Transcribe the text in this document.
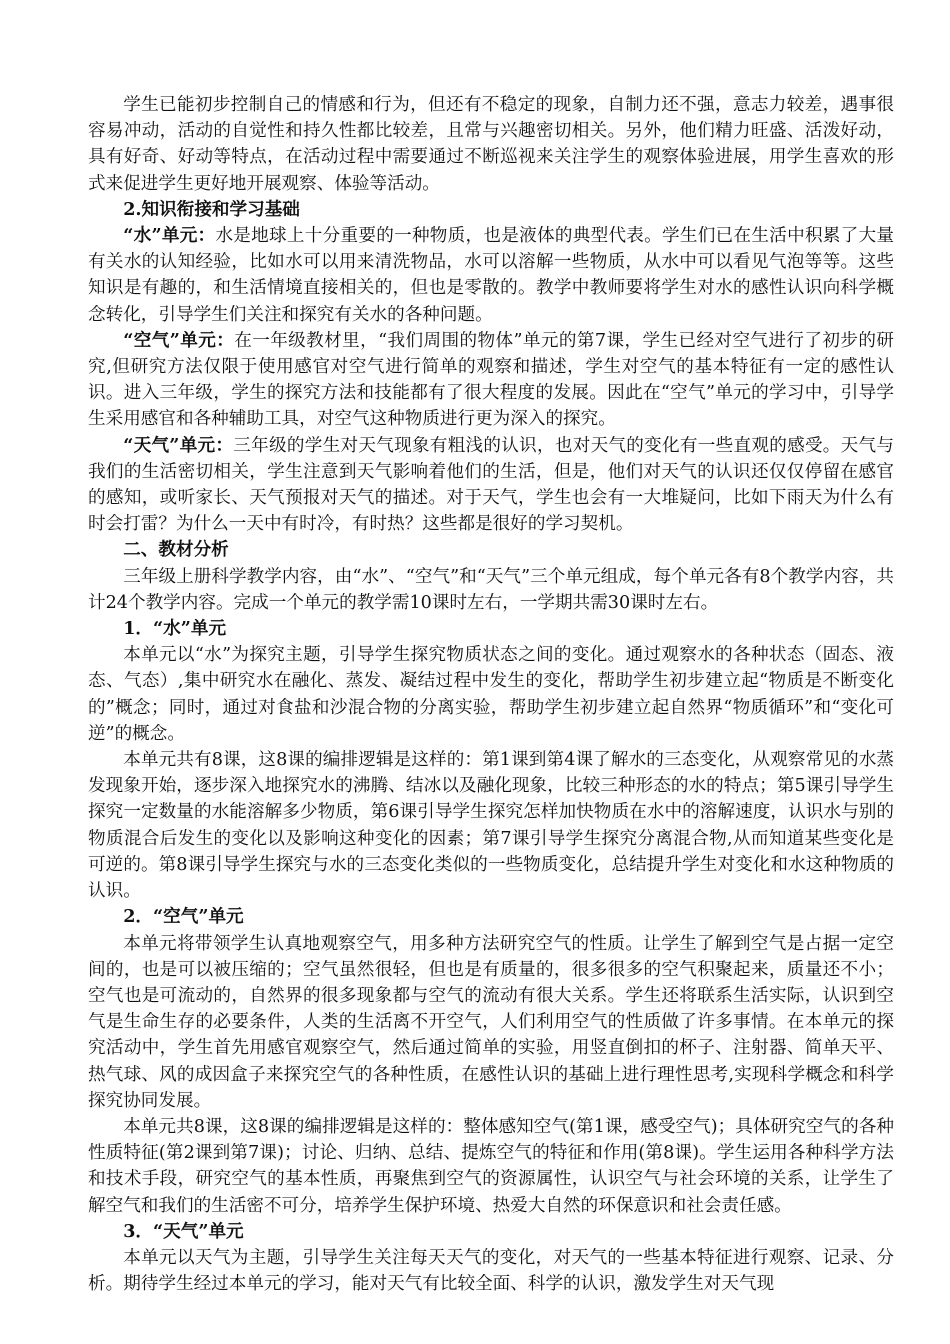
学生已能初步控制自己的情感和行为，但还有不稳定的现象，自制力还不强，意志力较差，遇事很容易冲动，活动的自觉性和持久性都比较差，且常与兴趣密切相关。另外，他们精力旺盛、活泼好动，具有好奇、好动等特点，在活动过程中需要通过不断巡视来关注学生的观察体验进展，用学生喜欢的形式来促进学生更好地开展观察、体验等活动。

2.知识衔接和学习基础

“水”单元：水是地球上十分重要的一种物质，也是液体的典型代表。学生们已在生活中积累了大量有关水的认知经验，比如水可以用来清洗物品，水可以溶解一些物质，从水中可以看见气泡等等。这些知识是有趣的，和生活情境直接相关的，但也是零散的。教学中教师要将学生对水的感性认识向科学概念转化，引导学生们关注和探究有关水的各种问题。

“空气”单元：在一年级教材里，“我们周围的物体”单元的第7课，学生已经对空气进行了初步的研究,但研究方法仅限于使用感官对空气进行简单的观察和描述，学生对空气的基本特征有一定的感性认识。进入三年级，学生的探究方法和技能都有了很大程度的发展。因此在“空气”单元的学习中，引导学生采用感官和各种辅助工具，对空气这种物质进行更为深入的探究。

“天气”单元：三年级的学生对天气现象有粗浅的认识，也对天气的变化有一些直观的感受。天气与我们的生活密切相关，学生注意到天气影响着他们的生活，但是，他们对天气的认识还仅仅停留在感官的感知，或听家长、天气预报对天气的描述。对于天气，学生也会有一大堆疑问，比如下雨天为什么有时会打雷？为什么一天中有时冷，有时热？这些都是很好的学习契机。

二、教材分析

三年级上册科学教学内容，由“水”、“空气”和“天气”三个单元组成，每个单元各有8个教学内容，共计24个教学内容。完成一个单元的教学需10课时左右，一学期共需30课时左右。

1．“水”单元

本单元以“水”为探究主题，引导学生探究物质状态之间的变化。通过观察水的各种状态（固态、液态、气态）,集中研究水在融化、蒸发、凝结过程中发生的变化，帮助学生初步建立起“物质是不断变化的”概念；同时，通过对食盐和沙混合物的分离实验，帮助学生初步建立起自然界“物质循环”和“变化可逆”的概念。

本单元共有8课，这8课的编排逻辑是这样的：第1课到第4课了解水的三态变化，从观察常见的水蒸发现象开始，逐步深入地探究水的沸腾、结冰以及融化现象，比较三种形态的水的特点；第5课引导学生探究一定数量的水能溶解多少物质，第6课引导学生探究怎样加快物质在水中的溶解速度，认识水与别的物质混合后发生的变化以及影响这种变化的因素；第7课引导学生探究分离混合物,从而知道某些变化是可逆的。第8课引导学生探究与水的三态变化类似的一些物质变化，总结提升学生对变化和水这种物质的认识。

2．“空气”单元

本单元将带领学生认真地观察空气，用多种方法研究空气的性质。让学生了解到空气是占据一定空间的，也是可以被压缩的；空气虽然很轻，但也是有质量的，很多很多的空气积聚起来，质量还不小；空气也是可流动的，自然界的很多现象都与空气的流动有很大关系。学生还将联系生活实际，认识到空气是生命生存的必要条件，人类的生活离不开空气，人们利用空气的性质做了许多事情。在本单元的探究活动中，学生首先用感官观察空气，然后通过简单的实验，用竖直倒扣的杯子、注射器、简单天平、热气球、风的成因盒子来探究空气的各种性质，在感性认识的基础上进行理性思考,实现科学概念和科学探究协同发展。

本单元共8课，这8课的编排逻辑是这样的：整体感知空气(第1课，感受空气)；具体研究空气的各种性质特征(第2课到第7课)；讨论、归纳、总结、提炼空气的特征和作用(第8课)。学生运用各种科学方法和技术手段，研究空气的基本性质，再聚焦到空气的资源属性，认识空气与社会环境的关系，让学生了解空气和我们的生活密不可分，培养学生保护环境、热爱大自然的环保意识和社会责任感。

3．“天气”单元

本单元以天气为主题，引导学生关注每天天气的变化，对天气的一些基本特征进行观察、记录、分析。期待学生经过本单元的学习，能对天气有比较全面、科学的认识，激发学生对天气现
